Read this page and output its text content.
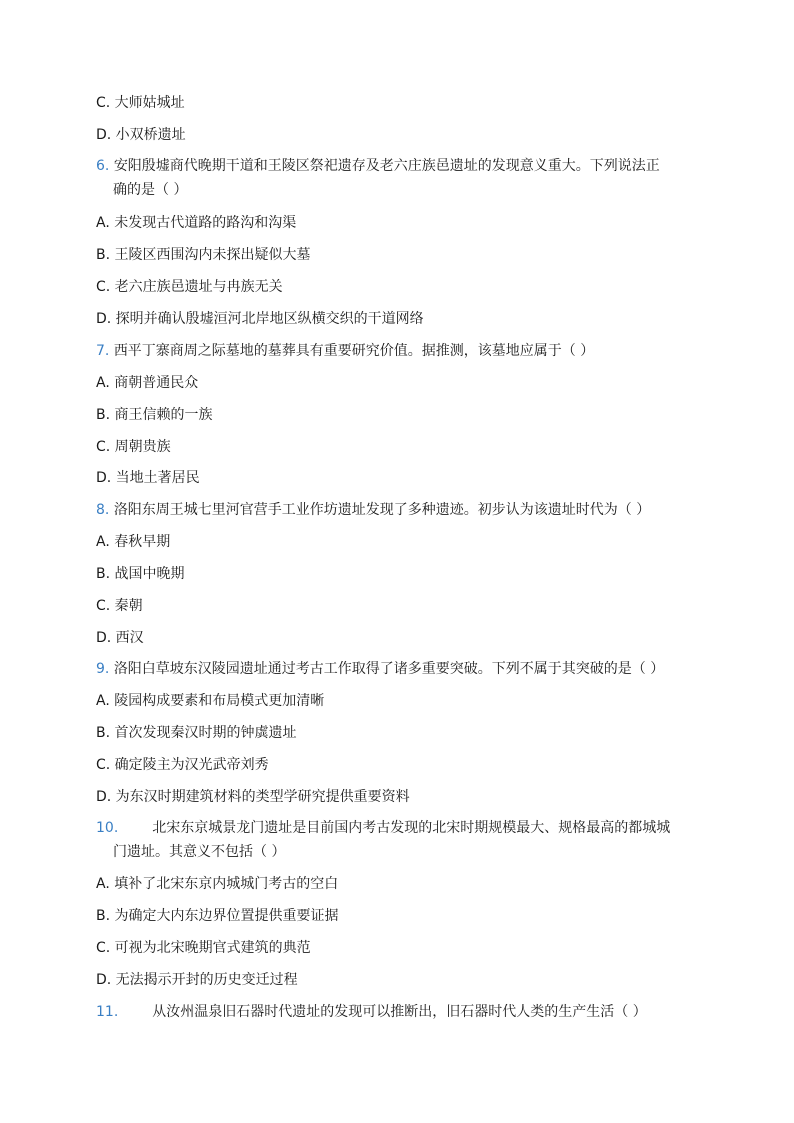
C. 大师姑城址
D. 小双桥遗址
6. 安阳殷墟商代晚期干道和王陵区祭祀遗存及老六庄族邑遗址的发现意义重大。下列说法正
确的是（ ）
A. 未发现古代道路的路沟和沟渠
B. 王陵区西围沟内未探出疑似大墓
C. 老六庄族邑遗址与冉族无关
D. 探明并确认殷墟洹河北岸地区纵横交织的干道网络
7. 西平丁寨商周之际墓地的墓葬具有重要研究价值。据推测，该墓地应属于（ ）
A. 商朝普通民众
B. 商王信赖的一族
C. 周朝贵族
D. 当地土著居民
8. 洛阳东周王城七里河官营手工业作坊遗址发现了多种遗迹。初步认为该遗址时代为（ ）
A. 春秋早期
B. 战国中晚期
C. 秦朝
D. 西汉
9. 洛阳白草坡东汉陵园遗址通过考古工作取得了诸多重要突破。下列不属于其突破的是（ ）
A. 陵园构成要素和布局模式更加清晰
B. 首次发现秦汉时期的钟虡遗址
C. 确定陵主为汉光武帝刘秀
D. 为东汉时期建筑材料的类型学研究提供重要资料
10. 北宋东京城景龙门遗址是目前国内考古发现的北宋时期规模最大、规格最高的都城城
门遗址。其意义不包括（ ）
A. 填补了北宋东京内城城门考古的空白
B. 为确定大内东边界位置提供重要证据
C. 可视为北宋晚期官式建筑的典范
D. 无法揭示开封的历史变迁过程
11. 从汝州温泉旧石器时代遗址的发现可以推断出，旧石器时代人类的生产生活（ ）
